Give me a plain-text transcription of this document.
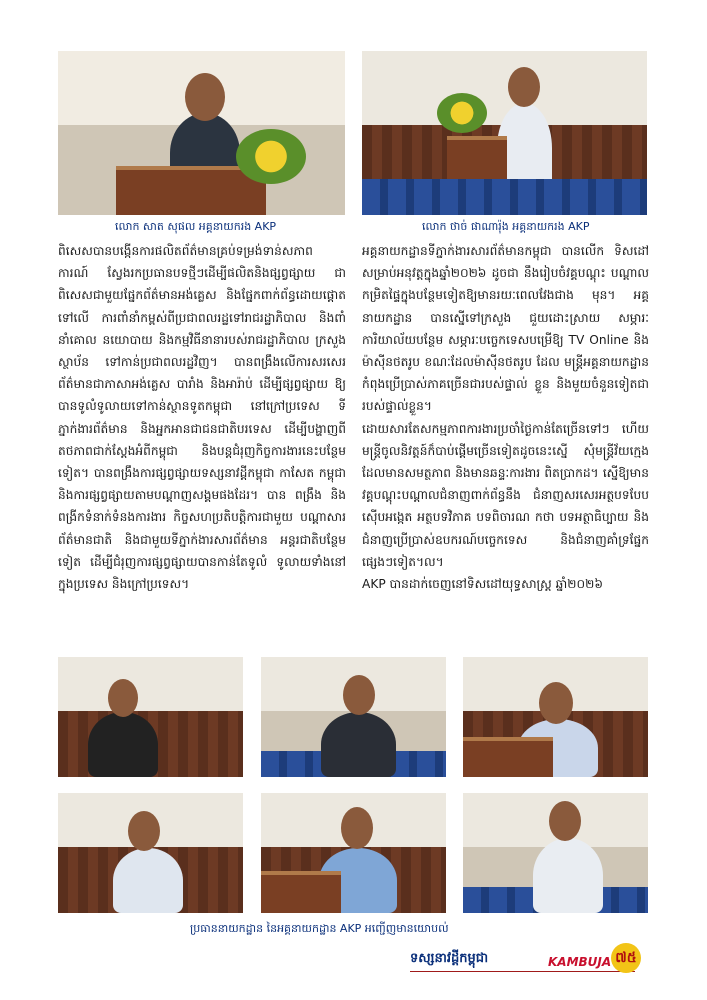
លោក សាត សុផល អគ្គនាយករង AKP	លោក ថាច់ ផាណារ៉ុង អគ្គនាយករង AKP

ពិសេសបានបង្កើនការផលិតព័ត៌មានគ្រប់ទម្រង់ទាន់សភាព ការណ៍ ស្វែងរកប្រធានបទថ្មីៗដើម្បីផលិតនិងផ្សព្វផ្សាយ ជាពិសេសជាមួយផ្នែកព័ត៌មានអង់គ្លេស និងផ្នែកពាក់ព័ន្ធដោយផ្តោតទៅលើ ការពាំនាំកម្ពស់ពីប្រជាពលរដ្ឋទៅរាជរដ្ឋាភិបាល និងពាំនាំគោល នយោបាយ និងកម្មវិធីនានារបស់រាជរដ្ឋាភិបាល ក្រសួង ស្ថាប័ន ទៅកាន់ប្រជាពលរដ្ឋវិញ។ បានពង្រឹងលើការសរសេរ ព័ត៌មានជាភាសាអង់គ្លេស បារាំង និងអារ៉ាប់ ដើម្បីផ្សព្វផ្សាយ ឱ្យបានទូលំទូលាយទៅកាន់ស្ថានទូតកម្ពុជា នៅក្រៅប្រទេស ទីភ្នាក់ងារព័ត៌មាន និងអ្នកអានជាជនជាតិបរទេស ដើម្បីបង្ហាញពី តថភាពជាក់ស្តែងអំពីកម្ពុជា និងបន្តជំរុញកិច្ចការងារនេះបន្ថែម ទៀត។ បានពង្រឹងការផ្សព្វផ្សាយទស្សនាវដ្តីកម្ពុជា កាសែត កម្ពុជា និងការផ្សព្វផ្សាយតាមបណ្តាញសង្គមផងដែរ។ បាន ពង្រឹង និងពង្រីកទំនាក់ទំនងការងារ កិច្ចសហប្រតិបត្តិការជាមួយ បណ្តាសារព័ត៌មានជាតិ និងជាមួយទីភ្នាក់ងារសារព័ត៌មាន អន្តរជាតិបន្ថែមទៀត ដើម្បីជំរុញការផ្សព្វផ្សាយបានកាន់តែទូលំ ទូលាយទាំងនៅក្នុងប្រទេស និងក្រៅប្រទេស។

អគ្គនាយកដ្ឋានទីភ្នាក់ងារសារព័ត៌មានកម្ពុជា បានលើក ទិសដៅសម្រាប់អនុវត្តក្នុងឆ្នាំ២០២៦ ដូចជា នឹងរៀបចំវគ្គបណ្តុះ បណ្តាលកម្រិតផ្ទៃក្នុងបន្ថែមទៀតឱ្យមានរយៈពេលវែងជាង មុន។ អគ្គនាយកដ្ឋាន បានស្នើទៅក្រសួង ជួយដោះស្រាយ សម្ភារៈការិយាល័យបន្ថែម សម្ភារៈបច្ចេកទេសបម្រើឱ្យ TV Online និងម៉ាស៊ីនថតរូប ខណៈដែលម៉ាស៊ីនថតរូប ដែល មន្ត្រីអគ្គនាយកដ្ឋានកំពុងប្រើប្រាស់ភាគច្រើនជារបស់ផ្ទាល់ ខ្លួន និងមួយចំនួនទៀតជារបស់ផ្ទាល់ខ្លួន។

ដោយសារតែសកម្មភាពការងារប្រចាំថ្ងៃកាន់តែច្រើនទៅៗ ហើយមន្ត្រីចូលនិវត្តន៍ក៏បាប់ផ្តើមច្រើនទៀតដូចនេះស្នើ សុំមន្ត្រីវ័យក្មេង ដែលមានសមត្ថភាព និងមានឆន្ទៈការងារ ពិតប្រាកដ។ ស្នើឱ្យមានវគ្គបណ្តុះបណ្តាលជំនាញពាក់ព័ន្ធនឹង ជំនាញសរសេរអត្ថបទបែបស៊ើបអង្កេត អត្ថបទវិភាគ បទពិចារណ កថា បទអត្ថាធិប្បាយ និងជំនាញប្រើប្រាស់ឧបករណ៍បច្ចេកទេស និងជំនាញគាំទ្រផ្នែកផ្សេងៗទៀត។ល។

AKP បានដាក់ចេញនៅទិសដៅយុទ្ធសាស្ត្រ ឆ្នាំ២០២៦

ប្រធាននាយកដ្ឋាន នៃអគ្គនាយកដ្ឋាន AKP អញ្ជើញមានយោបល់
ទស្សនាវដ្តីកម្ពុជា	KAMBUJA ៧៥
